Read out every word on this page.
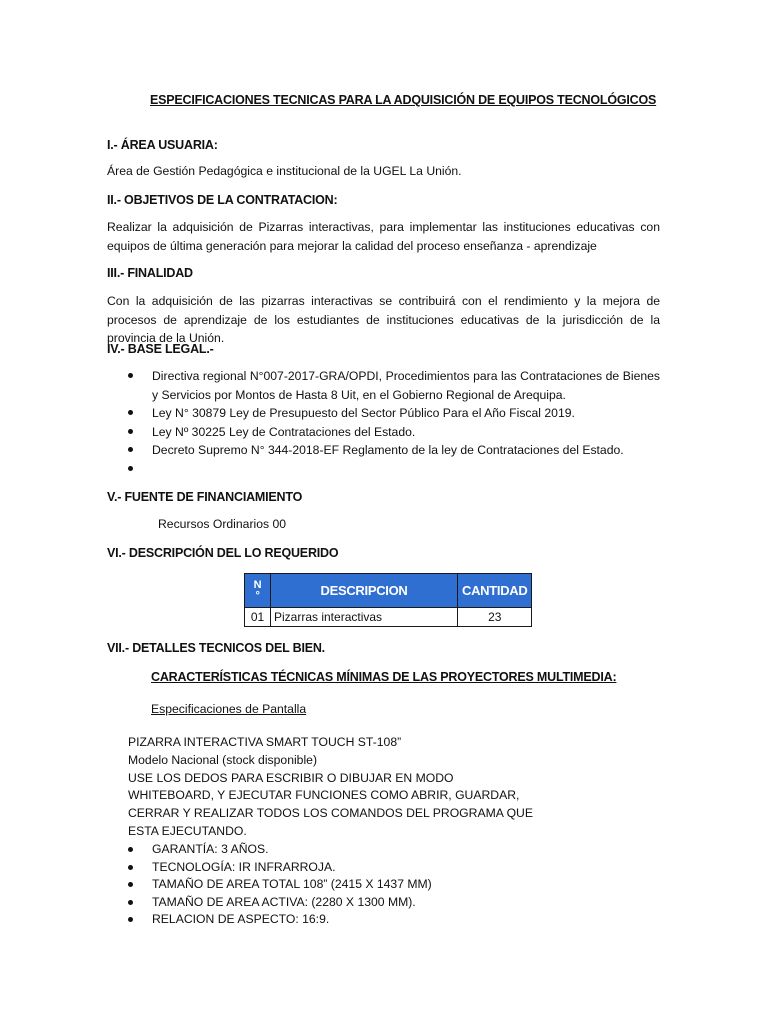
ESPECIFICACIONES TECNICAS PARA LA ADQUISICIÓN DE EQUIPOS TECNOLÓGICOS
I.- ÁREA USUARIA:
Área de Gestión Pedagógica e institucional de la UGEL La Unión.
II.- OBJETIVOS DE LA CONTRATACION:
Realizar la adquisición de Pizarras interactivas, para implementar las instituciones educativas con equipos de última generación para mejorar la calidad del proceso enseñanza - aprendizaje
III.- FINALIDAD
Con la adquisición de las pizarras interactivas se contribuirá con el rendimiento y la mejora de procesos de aprendizaje de los estudiantes de instituciones educativas de la jurisdicción de la provincia de la Unión.
IV.- BASE LEGAL.-
Directiva regional N°007-2017-GRA/OPDI, Procedimientos para las Contrataciones de Bienes y Servicios por Montos de Hasta 8 Uit, en el Gobierno Regional de Arequipa.
Ley N° 30879 Ley de Presupuesto del Sector Público Para el Año Fiscal 2019.
Ley Nº 30225 Ley de Contrataciones del Estado.
Decreto Supremo N° 344-2018-EF Reglamento de la ley de Contrataciones del Estado.
V.- FUENTE DE FINANCIAMIENTO
Recursos Ordinarios 00
VI.- DESCRIPCIÓN DEL LO REQUERIDO
N
°	DESCRIPCION	CANTIDAD
01	Pizarras interactivas	23
VII.- DETALLES TECNICOS DEL BIEN.
CARACTERÍSTICAS TÉCNICAS MÍNIMAS DE LAS PROYECTORES MULTIMEDIA:
Especificaciones de Pantalla
PIZARRA INTERACTIVA SMART TOUCH ST-108”
Modelo Nacional (stock disponible)
USE LOS DEDOS PARA ESCRIBIR O DIBUJAR EN MODO
WHITEBOARD, Y EJECUTAR FUNCIONES COMO ABRIR, GUARDAR,
CERRAR Y REALIZAR TODOS LOS COMANDOS DEL PROGRAMA QUE
ESTA EJECUTANDO.
GARANTÍA: 3 AÑOS.
TECNOLOGÍA: IR INFRARROJA.
TAMAÑO DE AREA TOTAL 108” (2415 X 1437 MM)
TAMAÑO DE AREA ACTIVA: (2280 X 1300 MM).
RELACION DE ASPECTO: 16:9.
